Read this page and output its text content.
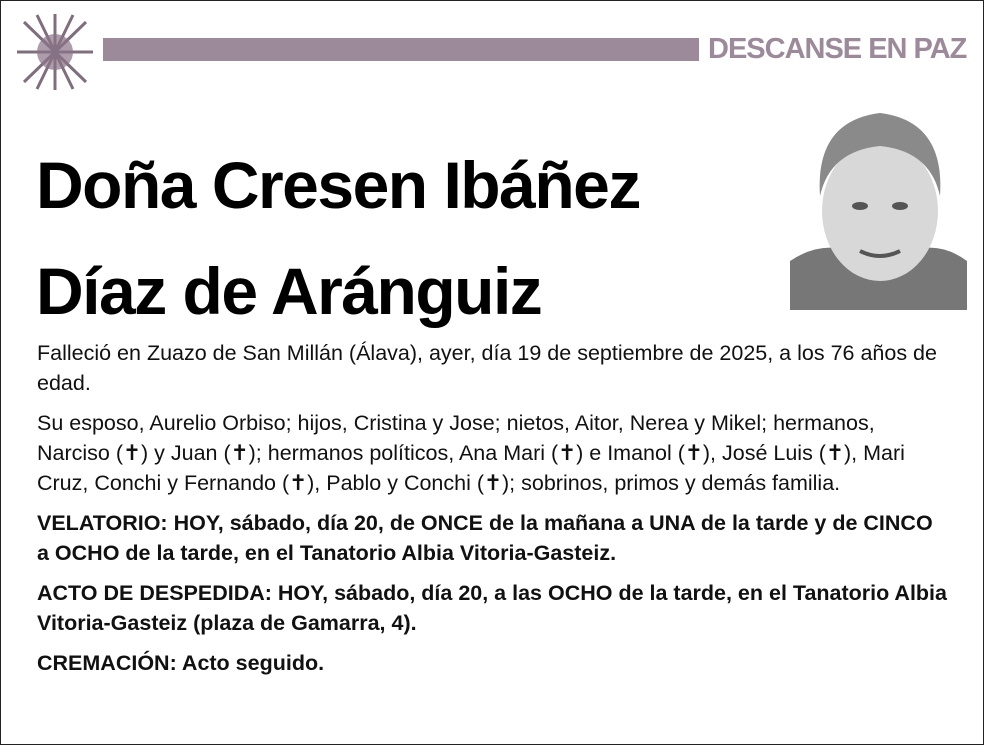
DESCANSE EN PAZ
Doña Cresen Ibáñez
Díaz de Aránguiz

Falleció en Zuazo de San Millán (Álava), ayer, día 19 de septiembre de 2025, a los 76 años de edad.

Su esposo, Aurelio Orbiso; hijos, Cristina y Jose; nietos, Aitor, Nerea y Mikel; hermanos, Narciso (✝) y Juan (✝); hermanos políticos, Ana Mari (✝) e Imanol (✝), José Luis (✝), Mari Cruz, Conchi y Fernando (✝), Pablo y Conchi (✝); sobrinos, primos y demás familia.

VELATORIO: HOY, sábado, día 20, de ONCE de la mañana a UNA de la tarde y de CINCO a OCHO de la tarde, en el Tanatorio Albia Vitoria-Gasteiz.

ACTO DE DESPEDIDA: HOY, sábado, día 20, a las OCHO de la tarde, en el Tanatorio Albia Vitoria-Gasteiz (plaza de Gamarra, 4).

CREMACIÓN: Acto seguido.
